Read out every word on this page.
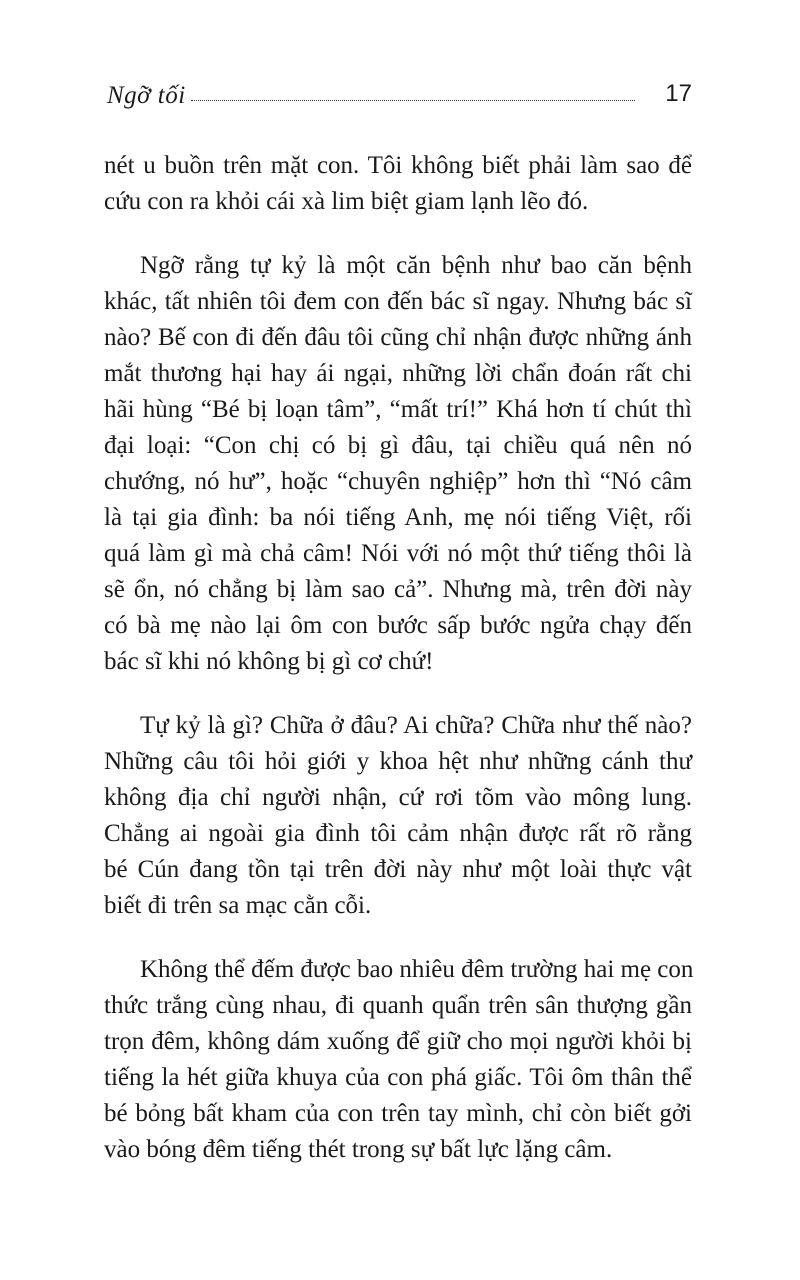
Ngỡ tối	17
nét u buồn trên mặt con. Tôi không biết phải làm sao để
cứu con ra khỏi cái xà lim biệt giam lạnh lẽo đó.
Ngỡ rằng tự kỷ là một căn bệnh như bao căn bệnh
khác, tất nhiên tôi đem con đến bác sĩ ngay. Nhưng bác sĩ
nào? Bế con đi đến đâu tôi cũng chỉ nhận được những ánh
mắt thương hại hay ái ngại, những lời chẩn đoán rất chi
hãi hùng “Bé bị loạn tâm”, “mất trí!” Khá hơn tí chút thì
đại loại: “Con chị có bị gì đâu, tại chiều quá nên nó
chướng, nó hư”, hoặc “chuyên nghiệp” hơn thì “Nó câm
là tại gia đình: ba nói tiếng Anh, mẹ nói tiếng Việt, rối
quá làm gì mà chả câm! Nói với nó một thứ tiếng thôi là
sẽ ổn, nó chẳng bị làm sao cả”. Nhưng mà, trên đời này
có bà mẹ nào lại ôm con bước sấp bước ngửa chạy đến
bác sĩ khi nó không bị gì cơ chứ!
Tự kỷ là gì? Chữa ở đâu? Ai chữa? Chữa như thế nào?
Những câu tôi hỏi giới y khoa hệt như những cánh thư
không địa chỉ người nhận, cứ rơi tõm vào mông lung.
Chẳng ai ngoài gia đình tôi cảm nhận được rất rõ rằng
bé Cún đang tồn tại trên đời này như một loài thực vật
biết đi trên sa mạc cằn cỗi.
Không thể đếm được bao nhiêu đêm trường hai mẹ con
thức trắng cùng nhau, đi quanh quẩn trên sân thượng gần
trọn đêm, không dám xuống để giữ cho mọi người khỏi bị
tiếng la hét giữa khuya của con phá giấc. Tôi ôm thân thể
bé bỏng bất kham của con trên tay mình, chỉ còn biết gởi
vào bóng đêm tiếng thét trong sự bất lực lặng câm.
